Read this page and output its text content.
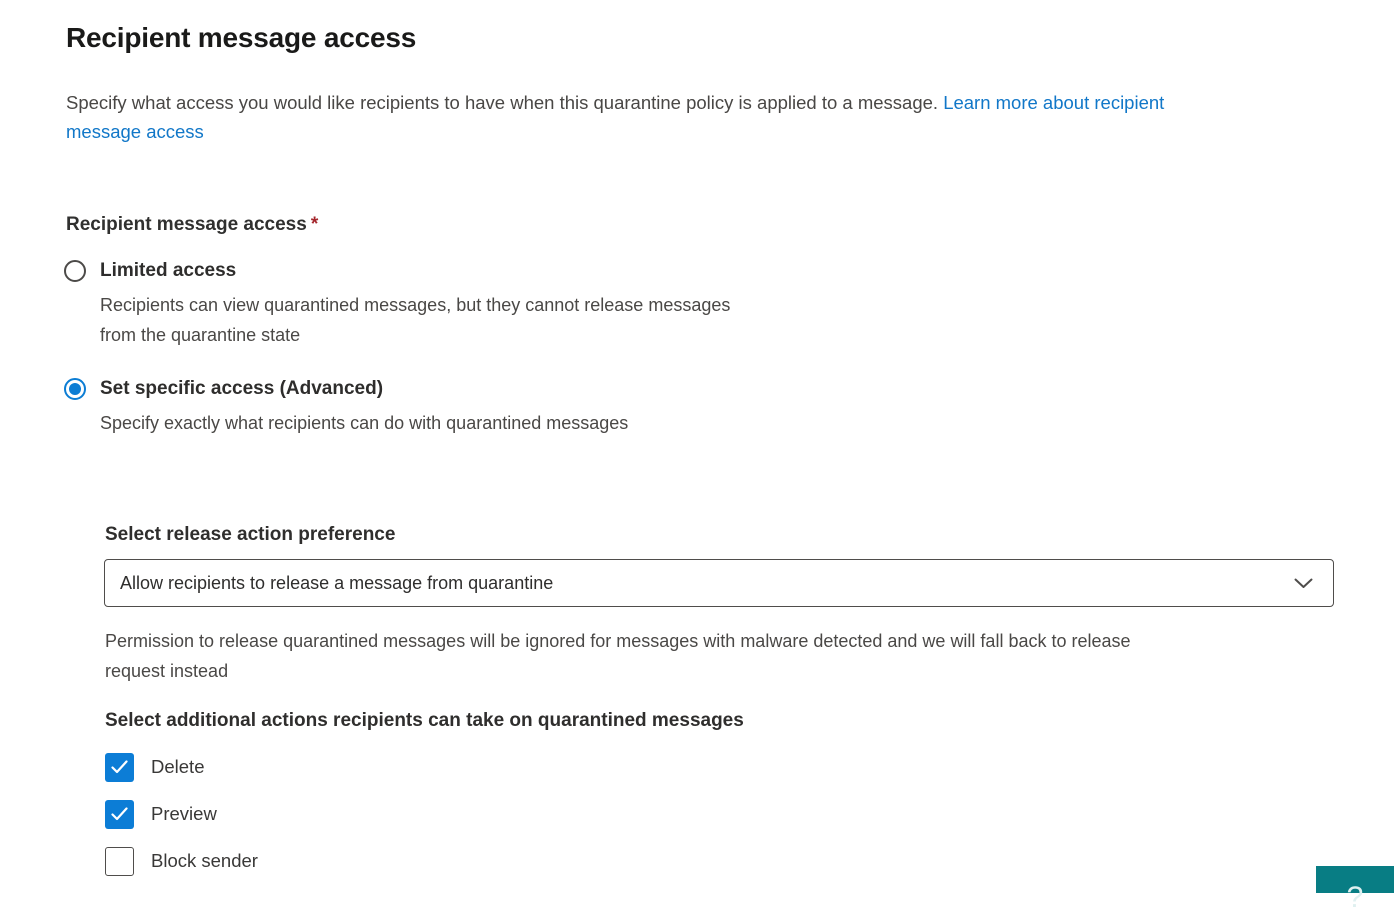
Recipient message access

Specify what access you would like recipients to have when this quarantine policy is applied to a message. Learn more about recipient
message access

Recipient message access *
Limited access
Recipients can view quarantined messages, but they cannot release messages
from the quarantine state
Set specific access (Advanced)
Specify exactly what recipients can do with quarantined messages
Select release action preference
Allow recipients to release a message from quarantine
Permission to release quarantined messages will be ignored for messages with malware detected and we will fall back to release
request instead
Select additional actions recipients can take on quarantined messages
Delete
Preview
Block sender
?
